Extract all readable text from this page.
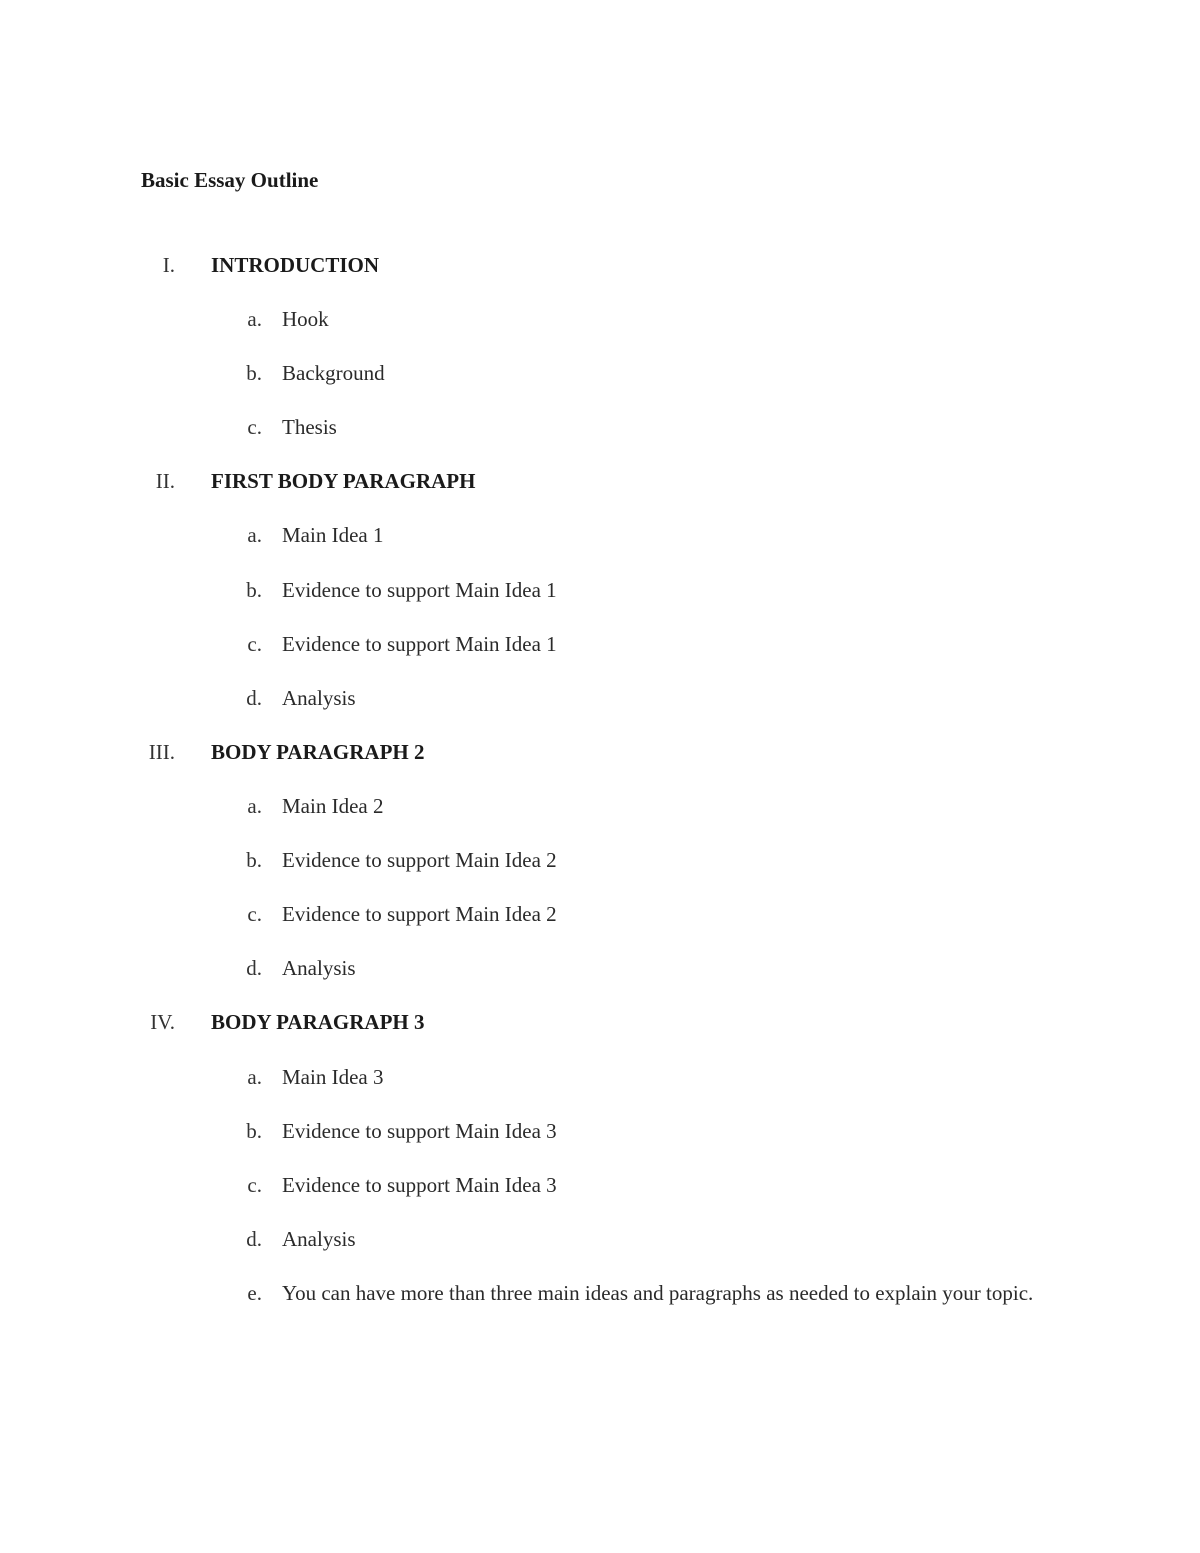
Basic Essay Outline
I. INTRODUCTION
a. Hook
b. Background
c. Thesis
II. FIRST BODY PARAGRAPH
a. Main Idea 1
b. Evidence to support Main Idea 1
c. Evidence to support Main Idea 1
d. Analysis
III. BODY PARAGRAPH 2
a. Main Idea 2
b. Evidence to support Main Idea 2
c. Evidence to support Main Idea 2
d. Analysis
IV. BODY PARAGRAPH 3
a. Main Idea 3
b. Evidence to support Main Idea 3
c. Evidence to support Main Idea 3
d. Analysis
e. You can have more than three main ideas and paragraphs as needed to explain your topic.
